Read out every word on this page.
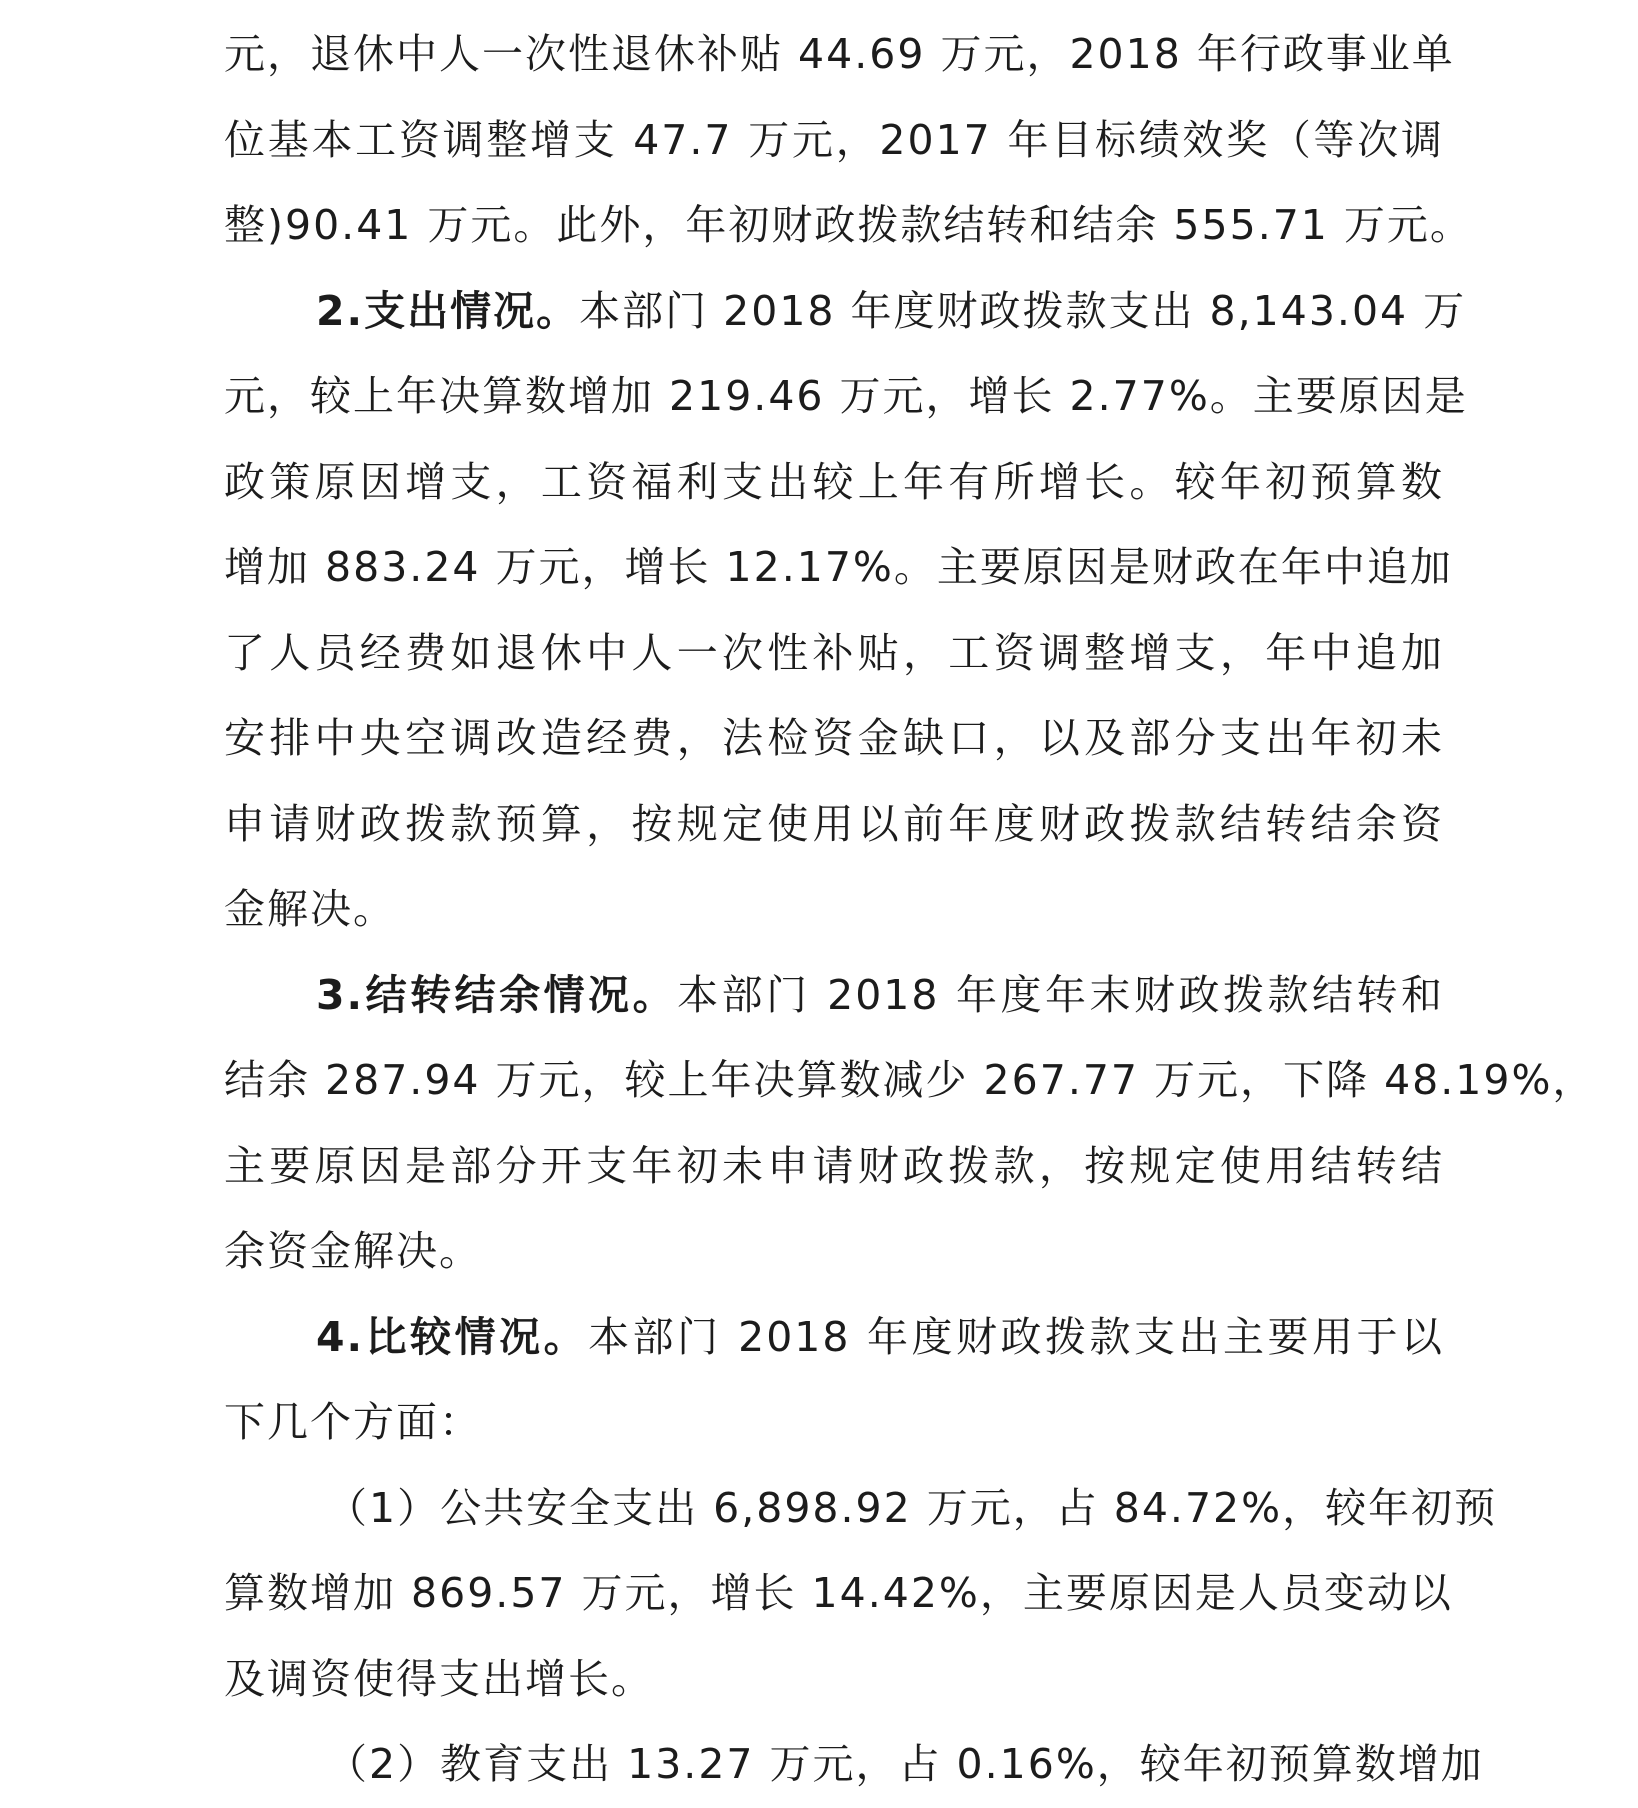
元，退休中人一次性退休补贴 44.69 万元，2018 年行政事业单
位基本工资调整增支 47.7 万元，2017 年目标绩效奖（等次调
整)90.41 万元。此外，年初财政拨款结转和结余 555.71 万元。
2.支出情况。本部门 2018 年度财政拨款支出 8,143.04 万
元，较上年决算数增加 219.46 万元，增长 2.77%。主要原因是
政策原因增支，工资福利支出较上年有所增长。较年初预算数
增加 883.24 万元，增长 12.17%。主要原因是财政在年中追加
了人员经费如退休中人一次性补贴，工资调整增支，年中追加
安排中央空调改造经费，法检资金缺口，以及部分支出年初未
申请财政拨款预算，按规定使用以前年度财政拨款结转结余资
金解决。
3.结转结余情况。本部门 2018 年度年末财政拨款结转和
结余 287.94 万元，较上年决算数减少 267.77 万元，下降 48.19%，
主要原因是部分开支年初未申请财政拨款，按规定使用结转结
余资金解决。
4.比较情况。本部门 2018 年度财政拨款支出主要用于以
下几个方面：
（1）公共安全支出 6,898.92 万元，占 84.72%，较年初预
算数增加 869.57 万元，增长 14.42%，主要原因是人员变动以
及调资使得支出增长。
（2）教育支出 13.27 万元，占 0.16%，较年初预算数增加
